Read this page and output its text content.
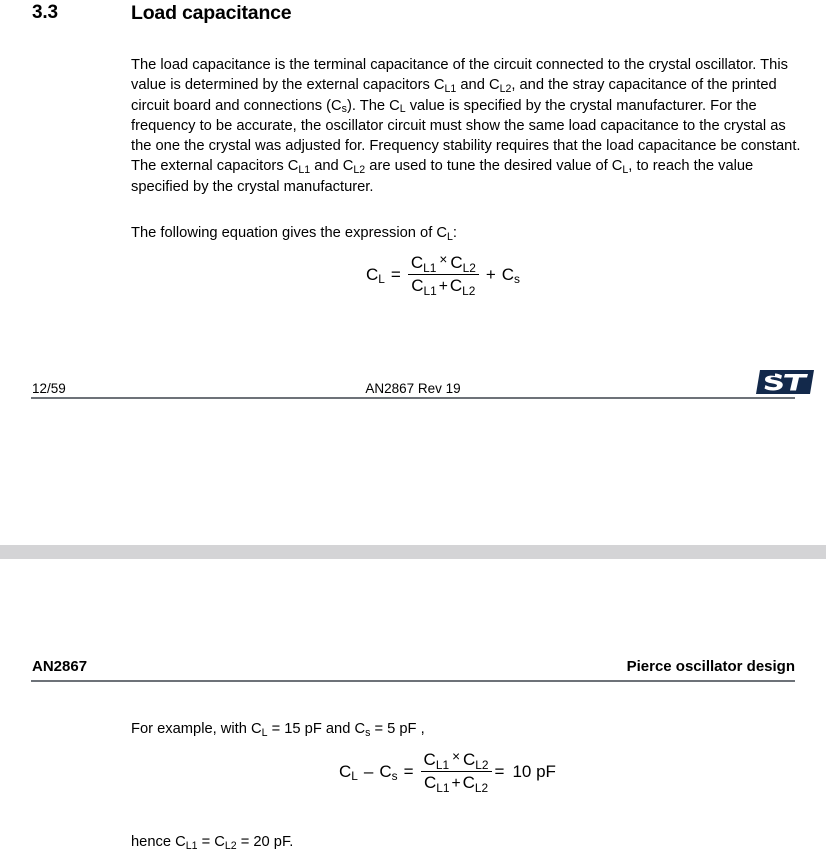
3.3	Load capacitance

The load capacitance is the terminal capacitance of the circuit connected to the crystal oscillator. This value is determined by the external capacitors $C_{L1}$ and $C_{L2}$, and the stray capacitance of the printed circuit board and connections $(C_s)$. The $C_L$ value is specified by the crystal manufacturer. For the frequency to be accurate, the oscillator circuit must show the same load capacitance to the crystal as the one the crystal was adjusted for. Frequency stability requires that the load capacitance be constant. The external capacitors $C_{L1}$ and $C_{L2}$ are used to tune the desired value of $C_L$, to reach the value specified by the crystal manufacturer.

The following equation gives the expression of $C_L$:

$C_L = \frac{C_{L1}^\times C_{L2}}{C_{L1} + C_{L2}} + C_s$
12/59	AN2867 Rev 19
AN2867	Pierce oscillator design

For example, with $C_L = 15$ pF and $C_s = 5$ pF ,

$C_L - C_s = \frac{C_{L1}^\times C_{L2}}{C_{L1} + C_{L2}} = 10$ pF

hence $C_{L1} = C_{L2} = 20$ pF.
